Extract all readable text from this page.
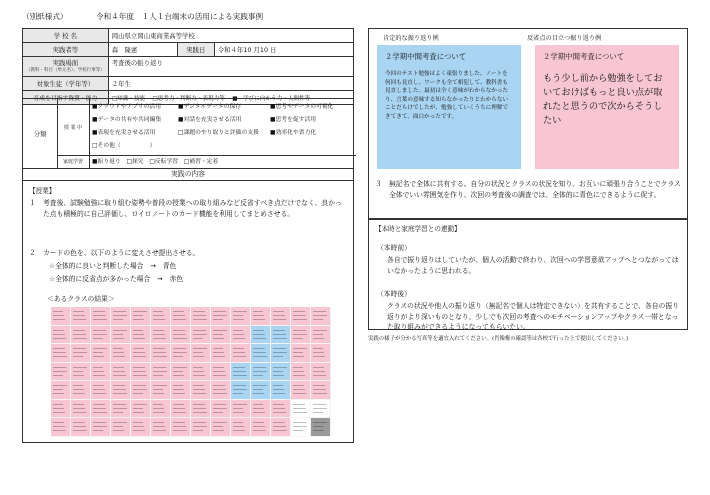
（別紙様式）	令和４年度　１人１台端末の活用による実践事例
学 校 名	岡山県立岡山東商業高等学校		
実践者等	森　隆憲	実践日	令和４年10 月10 日

実践場面
（教科・科目（単元名）、学校行事等）	考査後の振り返り		
対象生徒（学年等）	２年生		
育成を目指す資質・能力	□知識・技能　 □思考力・判断力・表現力等　 ■　学びに向かう力・人間性等		
分類
授 業 中
家庭学習
■クラウドやアプリの活用	■デジタルデータの保存	■思考やデータの可視化
■データの共有や共同編集	■対話を充実させる活用	■思考を促す活用
■表現を充実させる活用	□課題のやり取りと評価の支援 ■効率化や省力化
□その他（　　　　　）
■振り返り　□探究　□反転学習　□補習・定着
実践の内容
【授業】
１ 考査後、試験勉強に取り組む姿勢や普段の授業への取り組みなど反省すべき点だけでなく、良かった点も積極的に自己評価し、ロイロノートのカード機能を利用してまとめさせる。
２ カードの色を、以下のように変えさせ提出させる。
☆全体的に良いと判断した場合　→　青色
☆全体的に反省点が多かった場合　→　赤色
＜あるクラスの結果＞
肯定的な振り返り例	反省点の目立つ振り返り例
２学期中間考査について
今回のテスト勉強はよく頑張りました。ノートを何回も見直し、ワークも全て相犯して、教科書も見直しました。最初は全く意味がわからなかったり、言葉の意味する知らなかったりとわからないことだらけでしたが、勉強していくうちに理解できてきて、面白かったです。
２学期中間考査について
もう少し前から勉強をしておいておけばもっと良い点が取れたと思うので次からそうしたい
３ 無記名で全体に共有する。自分の状況とクラスの状況を知り、お互いに頑張り合うことでクラス全体でいい雰囲気を作り、次回の考査後の調査では、全体的に青色にできるように促す。
【本時と家庭学習との連動】
（本時前）
各自で振り返りはしていたが、個人の活動で終わり、次回への学習意欲アップへとつながってはいなかったように思われる。
（本時後）
クラスの状況や他人の振り返り（無記名で個人は特定できない）を共有することで、各自の振り返りがより深いものとなり、少しでも次回の考査へのモチベーションアップやクラス一帯となった取り組みができるようになってもらいたい。
実践の様子が分かる写真等を適宜入れてください。(肖像権の確認等は各校で行った上で提出してください。)
